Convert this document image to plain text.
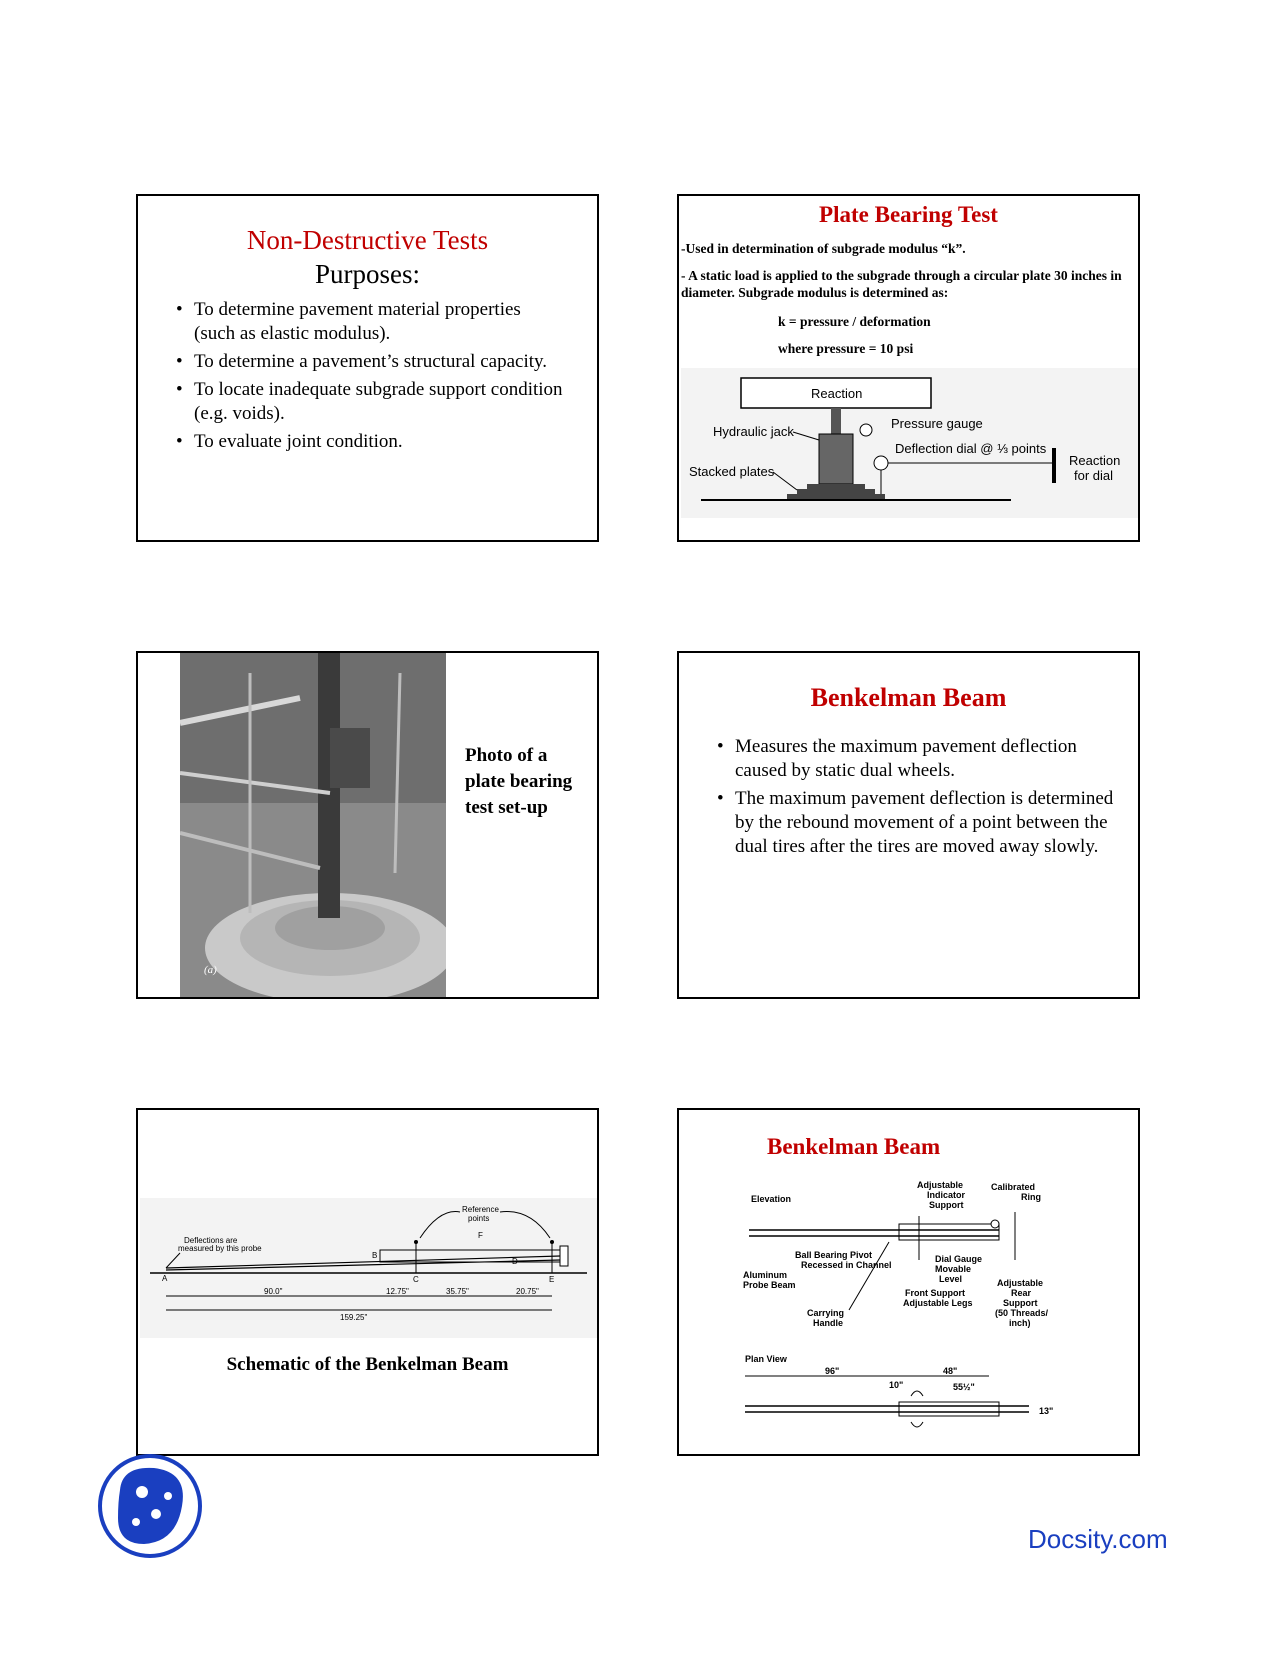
Non-Destructive Tests
Purposes:
• To determine pavement material properties (such as elastic modulus).
• To determine a pavement’s structural capacity.
• To locate inadequate subgrade support condition (e.g. voids).
• To evaluate joint condition.
Plate Bearing Test
-Used in determination of subgrade modulus “k”.
- A static load is applied to the subgrade through a circular plate 30 inches in diameter. Subgrade modulus is determined as:
k = pressure / deformation
where pressure = 10 psi
Reaction
Hydraulic jack
Pressure gauge
Deflection dial @ ⅓ points
Stacked plates
Reaction
for dial
(a)
Photo of a
plate bearing
test set-up
Benkelman Beam
• Measures the maximum pavement deflection caused by static dual wheels.
• The maximum pavement deflection is determined by the rebound movement of a point between the dual tires after the tires are moved away slowly.
Reference
points
Deflections are
measured by this probe
A
B
C
D
E
F
90.0"	12.75"	35.75"	20.75"
159.25"
Schematic of the Benkelman Beam
Benkelman Beam
Elevation
Adjustable
Indicator
Support
Calibrated
Ring
Ball Bearing Pivot
Recessed in Channel
Dial Gauge
Movable
Level
Aluminum
Probe Beam
Front Support
Adjustable Legs
Adjustable
Rear
Support
(50 Threads/
inch)
Carrying
Handle
Plan View
96"	48"
10"	55½"
13"
Docsity.com
